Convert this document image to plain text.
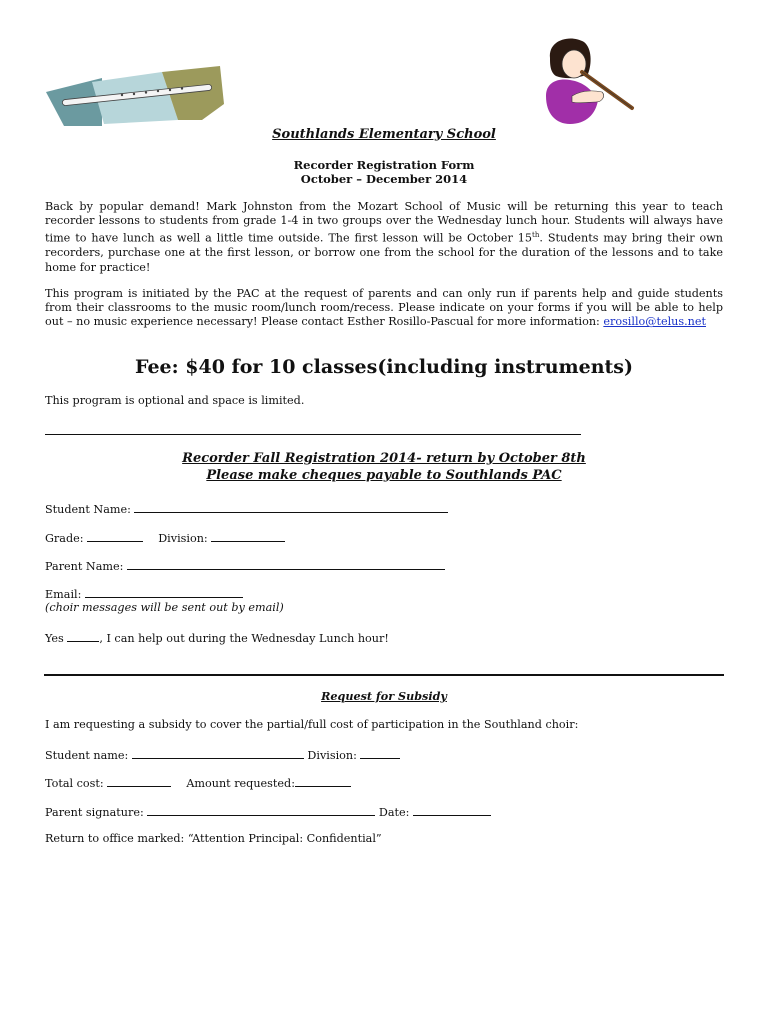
Southlands Elementary School
Recorder Registration Form
October – December 2014

Back by popular demand! Mark Johnston from the Mozart School of Music will be returning this year to teach recorder lessons to students from grade 1-4 in two groups over the Wednesday lunch hour. Students will always have time to have lunch as well a little time outside. The first lesson will be October 15th. Students may bring their own recorders, purchase one at the first lesson, or borrow one from the school for the duration of the lessons and to take home for practice!

This program is initiated by the PAC at the request of parents and can only run if parents help and guide students from their classrooms to the music room/lunch room/recess. Please indicate on your forms if you will be able to help out – no music experience necessary! Please contact Esther Rosillo-Pascual for more information: erosillo@telus.net

Fee: $40 for 10 classes(including instruments)
This program is optional and space is limited.
Recorder Fall Registration 2014- return by October 8th
Please make cheques payable to Southlands PAC
Student Name:
Grade:	Division:
Parent Name:
Email:
(choir messages will be sent out by email)
Yes	, I can help out during the Wednesday Lunch hour!
Request for Subsidy
I am requesting a subsidy to cover the partial/full cost of participation in the Southland choir:
Student name:	Division:
Total cost:	Amount requested:
Parent signature:	Date:
Return to office marked: “Attention Principal: Confidential”
